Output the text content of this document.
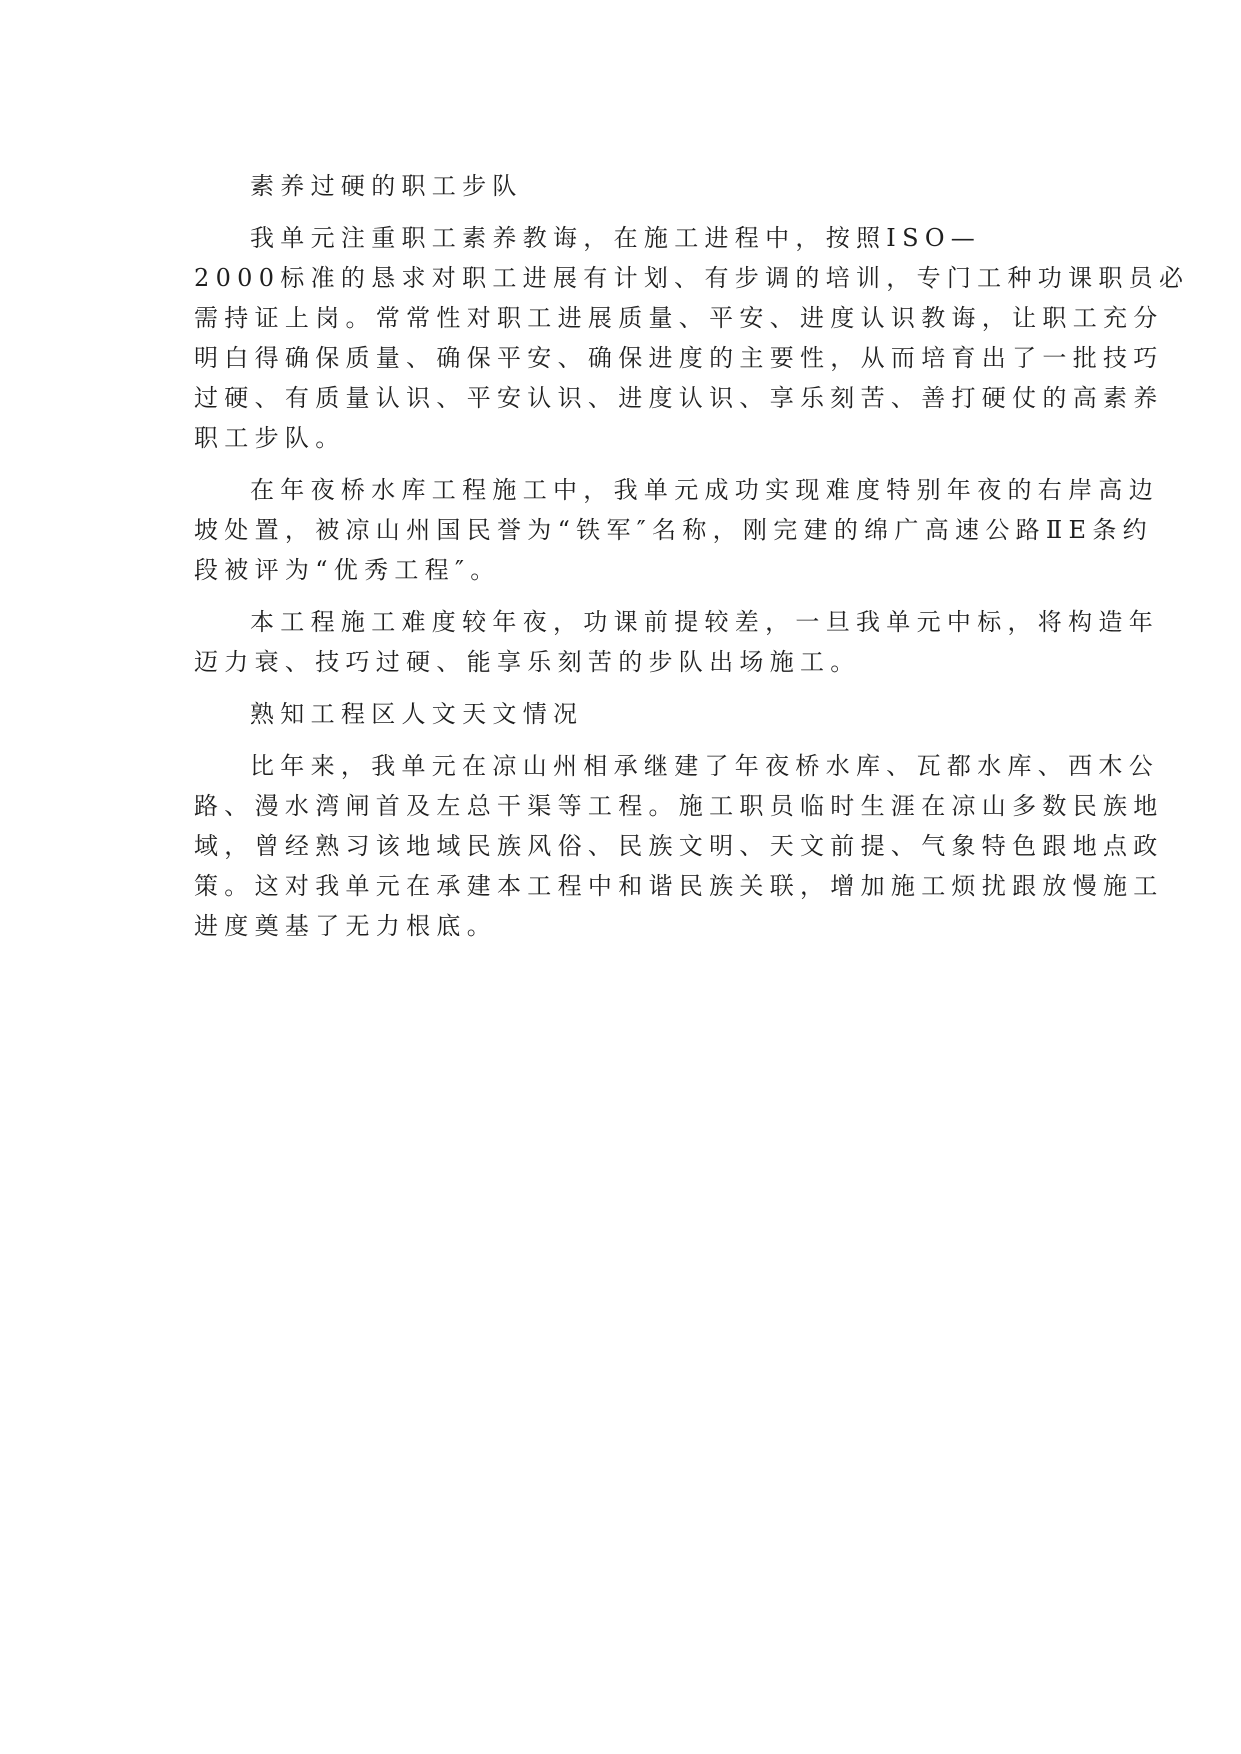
素养过硬的职工步队
我单元注重职工素养教诲，在施工进程中，按照ISO—
2000标准的恳求对职工进展有计划、有步调的培训，专门工种功课职员必
需持证上岗。常常性对职工进展质量、平安、进度认识教诲，让职工充分
明白得确保质量、确保平安、确保进度的主要性，从而培育出了一批技巧
过硬、有质量认识、平安认识、进度认识、享乐刻苦、善打硬仗的高素养
职工步队。
在年夜桥水库工程施工中，我单元成功实现难度特别年夜的右岸高边
坡处置，被凉山州国民誉为“铁军″名称，刚完建的绵广高速公路ⅡE条约
段被评为“优秀工程″。
本工程施工难度较年夜，功课前提较差，一旦我单元中标，将构造年
迈力衰、技巧过硬、能享乐刻苦的步队出场施工。
熟知工程区人文天文情况
比年来，我单元在凉山州相承继建了年夜桥水库、瓦都水库、西木公
路、漫水湾闸首及左总干渠等工程。施工职员临时生涯在凉山多数民族地
域，曾经熟习该地域民族风俗、民族文明、天文前提、气象特色跟地点政
策。这对我单元在承建本工程中和谐民族关联，增加施工烦扰跟放慢施工
进度奠基了无力根底。
